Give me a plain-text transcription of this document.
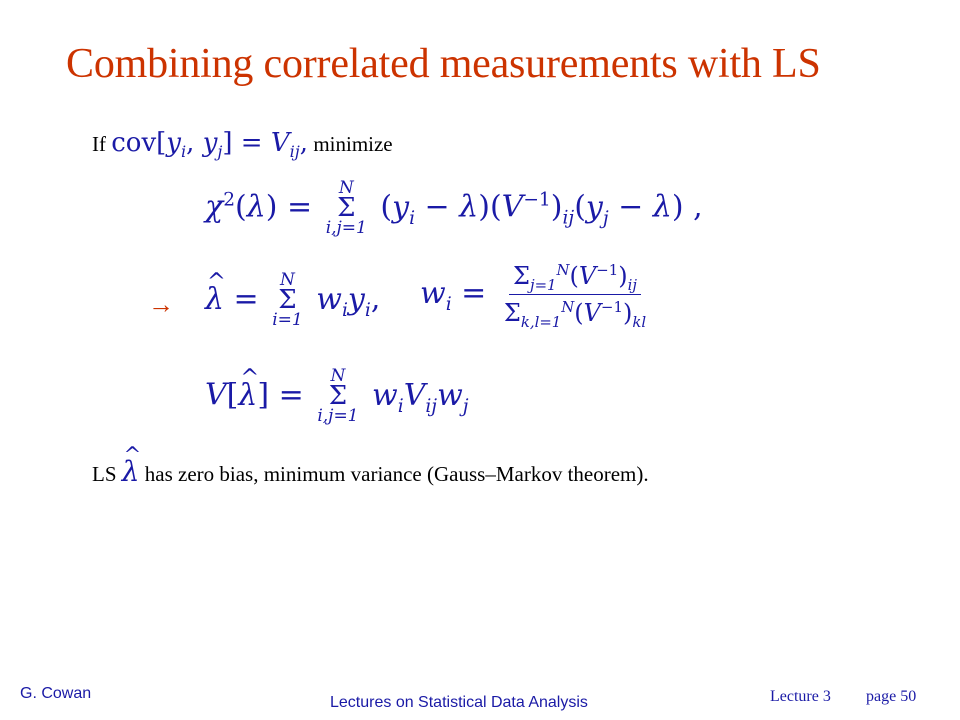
Combining correlated measurements with LS
If $cov[y_i$, $y_j] = V_{ij}$, minimize
$\chi^2(\lambda)$ =
N
Σ
i,j=1
$(y_i - \lambda)(V^{-1})_{ij}(y_j - \lambda)$ ,
→ ^ λ =
N
Σ
i=1
$w_iy_i$, $w_i = \frac{\Sigma_{j=1}^N(V^{-1})_{ij}}{\Sigma_{k,l=1}^N(V^{-1})_{kl}}$
V[^ λ] =
N
Σ
i,j=1
$w_iV_{ij}w_j$
LS ^ λ has zero bias, minimum variance (Gauss–Markov theorem).
G. Cowan
Lectures on Statistical Data Analysis	Lecture 3 page 50
